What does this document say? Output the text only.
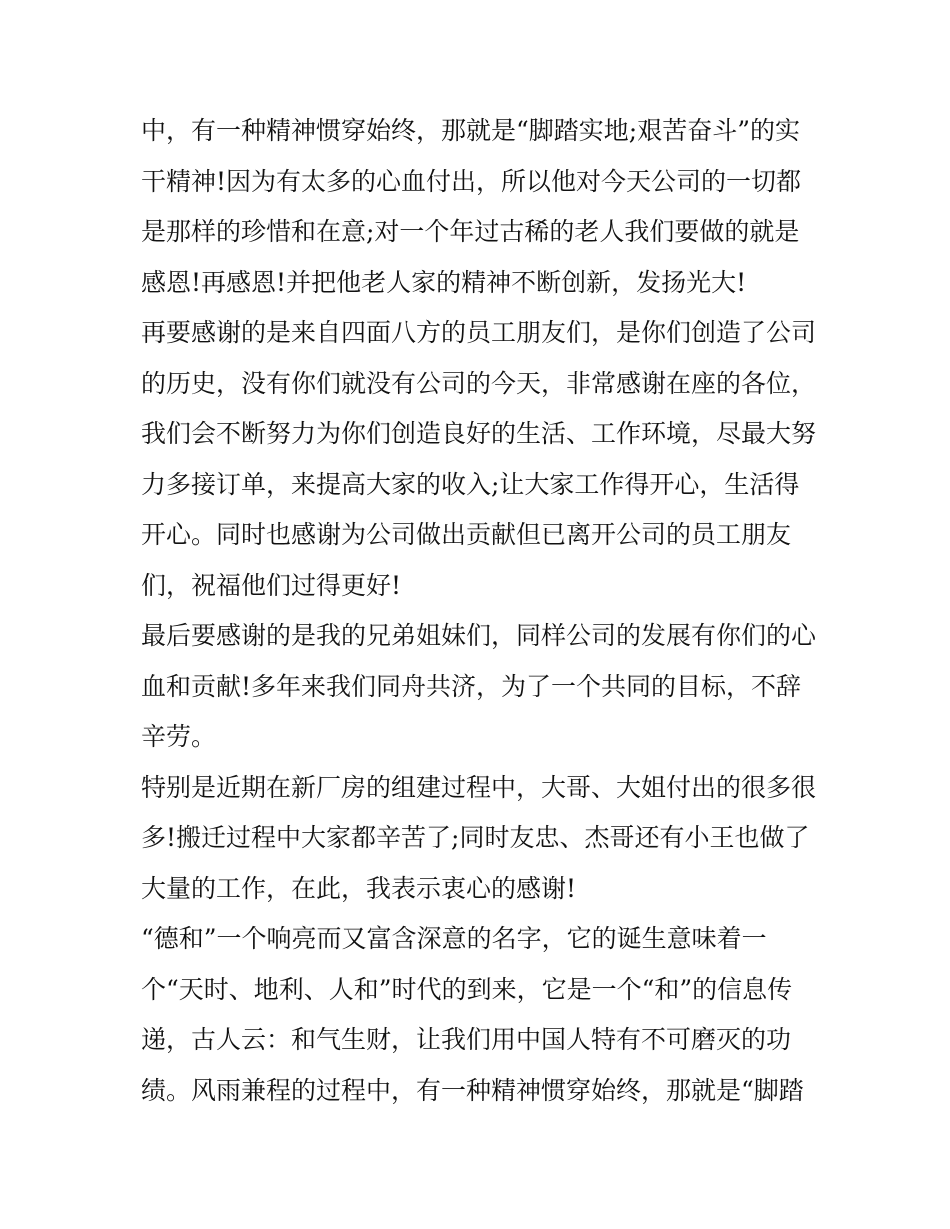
中，有一种精神惯穿始终，那就是“脚踏实地;艰苦奋斗”的实
干精神!因为有太多的心血付出，所以他对今天公司的一切都
是那样的珍惜和在意;对一个年过古稀的老人我们要做的就是
感恩!再感恩!并把他老人家的精神不断创新，发扬光大!
再要感谢的是来自四面八方的员工朋友们，是你们创造了公司
的历史，没有你们就没有公司的今天，非常感谢在座的各位，
我们会不断努力为你们创造良好的生活、工作环境，尽最大努
力多接订单，来提高大家的收入;让大家工作得开心，生活得
开心。同时也感谢为公司做出贡献但已离开公司的员工朋友
们，祝福他们过得更好!
最后要感谢的是我的兄弟姐妹们，同样公司的发展有你们的心
血和贡献!多年来我们同舟共济，为了一个共同的目标，不辞
辛劳。
特别是近期在新厂房的组建过程中，大哥、大姐付出的很多很
多!搬迁过程中大家都辛苦了;同时友忠、杰哥还有小王也做了
大量的工作，在此，我表示衷心的感谢!
“德和”一个响亮而又富含深意的名字，它的诞生意味着一
个“天时、地利、人和”时代的到来，它是一个“和”的信息传
递，古人云：和气生财，让我们用中国人特有不可磨灭的功
绩。风雨兼程的过程中，有一种精神惯穿始终，那就是“脚踏
